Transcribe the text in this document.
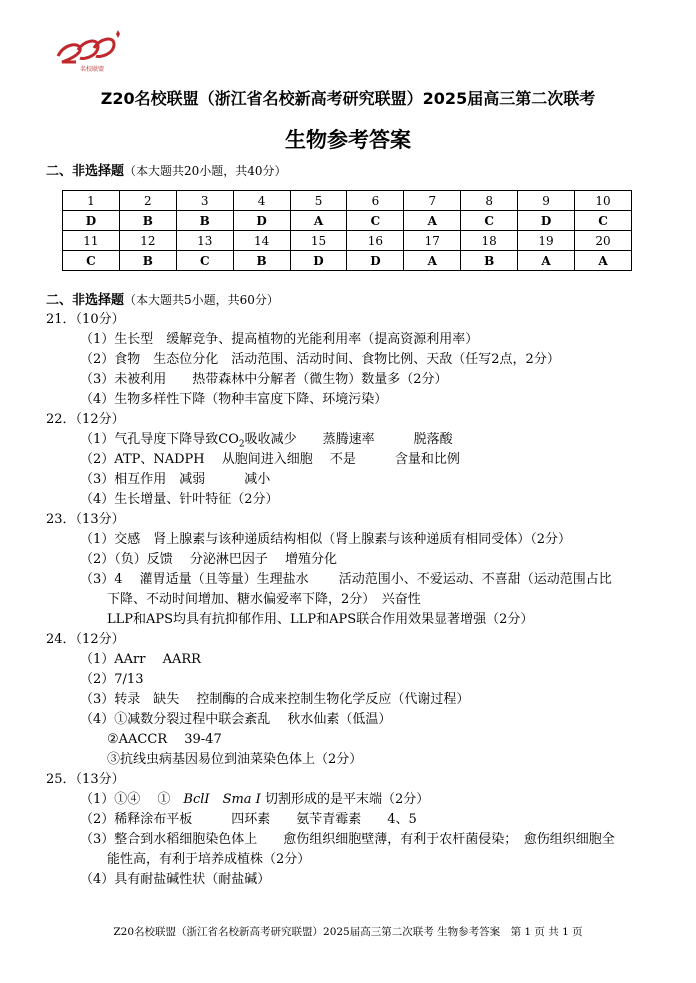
名校联盟
Z20名校联盟（浙江省名校新高考研究联盟）2025届高三第二次联考
生物参考答案
二、非选择题（本大题共20小题，共40分）
1	2	3	4	5	6	7	8	9	10
D	B	B	D	A	C	A	C	D	C
11	12	13	14	15	16	17	18	19	20
C	B	C	B	D	D	A	B	A	A
二、非选择题（本大题共5小题，共60分）
21．（10分）
（1）生长型　缓解竞争、提高植物的光能利用率（提高资源利用率）
（2）食物　生态位分化　活动范围、活动时间、食物比例、天敌（任写2点，2分）
（3）未被利用　　热带森林中分解者（微生物）数量多（2分）
（4）生物多样性下降（物种丰富度下降、环境污染）
22．（12分）
（1）气孔导度下降导致$CO_2$吸收减少　　蒸腾速率　　　脱落酸
（2）ATP、NADPH　 从胞间进入细胞　 不是　　　含量和比例
（3）相互作用　减弱　　　减小
（4）生长增量、针叶特征（2分）
23．（13分）
（1）交感　肾上腺素与该种递质结构相似（肾上腺素与该种递质有相同受体）（2分）
（2）（负）反馈　 分泌淋巴因子　 增殖分化
（3）4　 灌胃适量（且等量）生理盐水　　 活动范围小、不爱运动、不喜甜（运动范围占比
下降、不动时间增加、糖水偏爱率下降，2分）　兴奋性
LLP和APS均具有抗抑郁作用、LLP和APS联合作用效果显著增强（2分）
24．（12分）
（1）AArr　 AARR
（2）7/13
（3）转录　缺失　 控制酶的合成来控制生物化学反应（代谢过程）
（4）①减数分裂过程中联会紊乱　 秋水仙素（低温）
②AACCR　 39-47
③抗线虫病基因易位到油菜染色体上（2分）
25．（13分）
（1）①④　 ①　BclI　 Sma I 切割形成的是平末端（2分）
（2）稀释涂布平板　　　四环素　　氨苄青霉素　　4、5
（3）整合到水稻细胞染色体上　　愈伤组织细胞壁薄，有利于农杆菌侵染；　愈伤组织细胞全
能性高，有利于培养成植株（2分）
（4）具有耐盐碱性状（耐盐碱）
Z20名校联盟（浙江省名校新高考研究联盟）2025届高三第二次联考 生物参考答案　第 1 页 共 1 页
